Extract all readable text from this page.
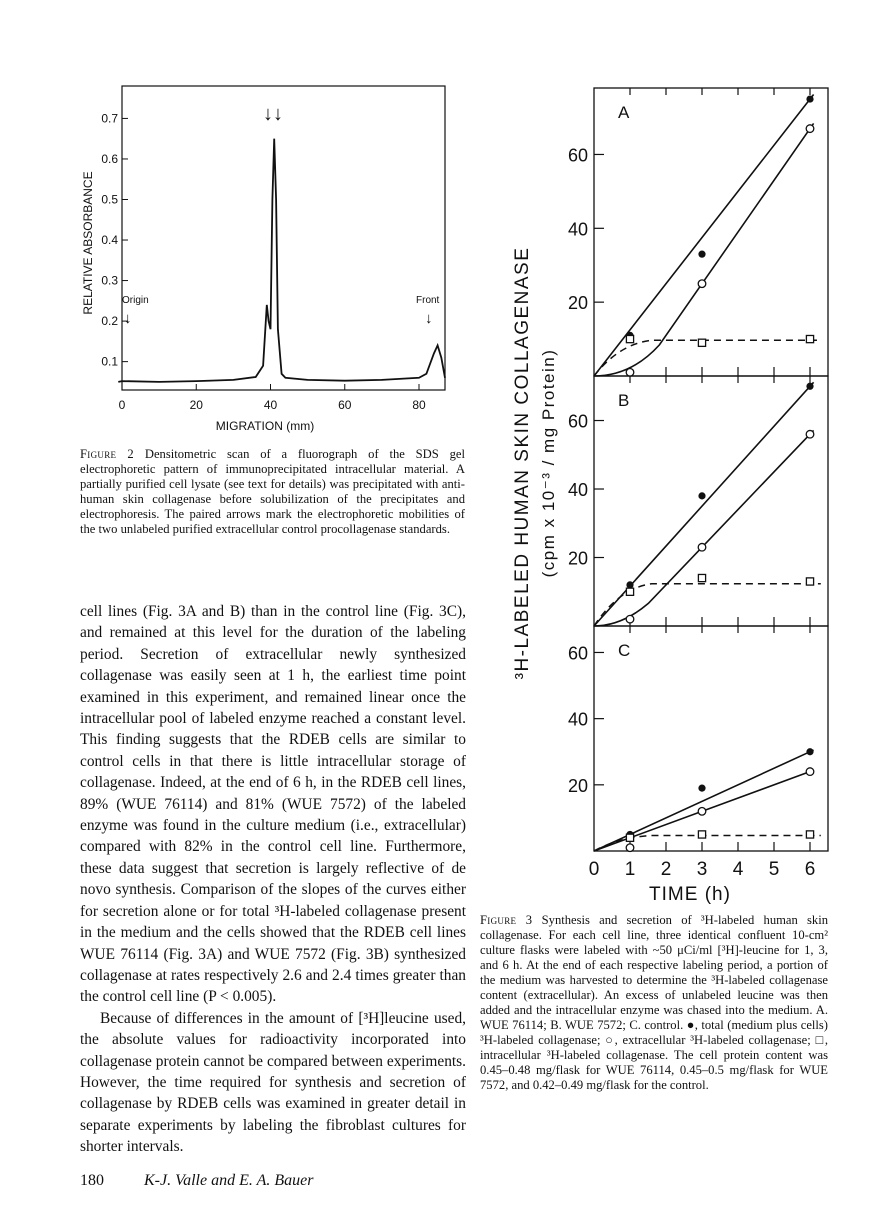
0	20	40	60	80
0.1
0.2
0.3
0.4
0.5
0.6
0.7
Origin
↓
Front
↓
↓↓
MIGRATION (mm)
RELATIVE ABSORBANCE
Figure 2 Densitometric scan of a fluorograph of the SDS gel electrophoretic pattern of immunoprecipitated intracellular material. A partially purified cell lysate (see text for details) was precipitated with anti-human skin collagenase before solubilization of the precipitates and electrophoresis. The paired arrows mark the electrophoretic mobilities of the two unlabeled purified extracellular control procollagenase standards.
A
20
40
60
B
20
40
60
C
20
40
60
0 1 2 3 4 5 6
³H-LABELED HUMAN SKIN COLLAGENASE (cpm x 10⁻³ / mg Protein)
TIME (h)
Figure 3 Synthesis and secretion of ³H-labeled human skin collagenase. For each cell line, three identical confluent 10-cm² culture flasks were labeled with ~50 μCi/ml [³H]-leucine for 1, 3, and 6 h. At the end of each respective labeling period, a portion of the medium was harvested to determine the ³H-labeled collagenase content (extracellular). An excess of unlabeled leucine was then added and the intracellular enzyme was chased into the medium. A. WUE 76114; B. WUE 7572; C. control. ●, total (medium plus cells) ³H-labeled collagenase; ○, extracellular ³H-labeled collagenase; □, intracellular ³H-labeled collagenase. The cell protein content was 0.45–0.48 mg/flask for WUE 76114, 0.45–0.5 mg/flask for WUE 7572, and 0.42–0.49 mg/flask for the control.

cell lines (Fig. 3A and B) than in the control line (Fig. 3C), and remained at this level for the duration of the labeling period. Secretion of extracellular newly synthesized collagenase was easily seen at 1 h, the earliest time point examined in this experiment, and remained linear once the intracellular pool of labeled enzyme reached a constant level. This finding suggests that the RDEB cells are similar to control cells in that there is little intracellular storage of collagenase. Indeed, at the end of 6 h, in the RDEB cell lines, 89% (WUE 76114) and 81% (WUE 7572) of the labeled enzyme was found in the culture medium (i.e., extracellular) compared with 82% in the control cell line. Furthermore, these data suggest that secretion is largely reflective of de novo synthesis. Comparison of the slopes of the curves either for secretion alone or for total ³H-labeled collagenase present in the medium and the cells showed that the RDEB cell lines WUE 76114 (Fig. 3A) and WUE 7572 (Fig. 3B) synthesized collagenase at rates respectively 2.6 and 2.4 times greater than the control cell line (P < 0.005).

Because of differences in the amount of [³H]leucine used, the absolute values for radioactivity incorporated into collagenase protein cannot be compared between experiments. However, the time required for synthesis and secretion of collagenase by RDEB cells was examined in greater detail in separate experiments by labeling the fibroblast cultures for shorter intervals.

180	K-J. Valle and E. A. Bauer
